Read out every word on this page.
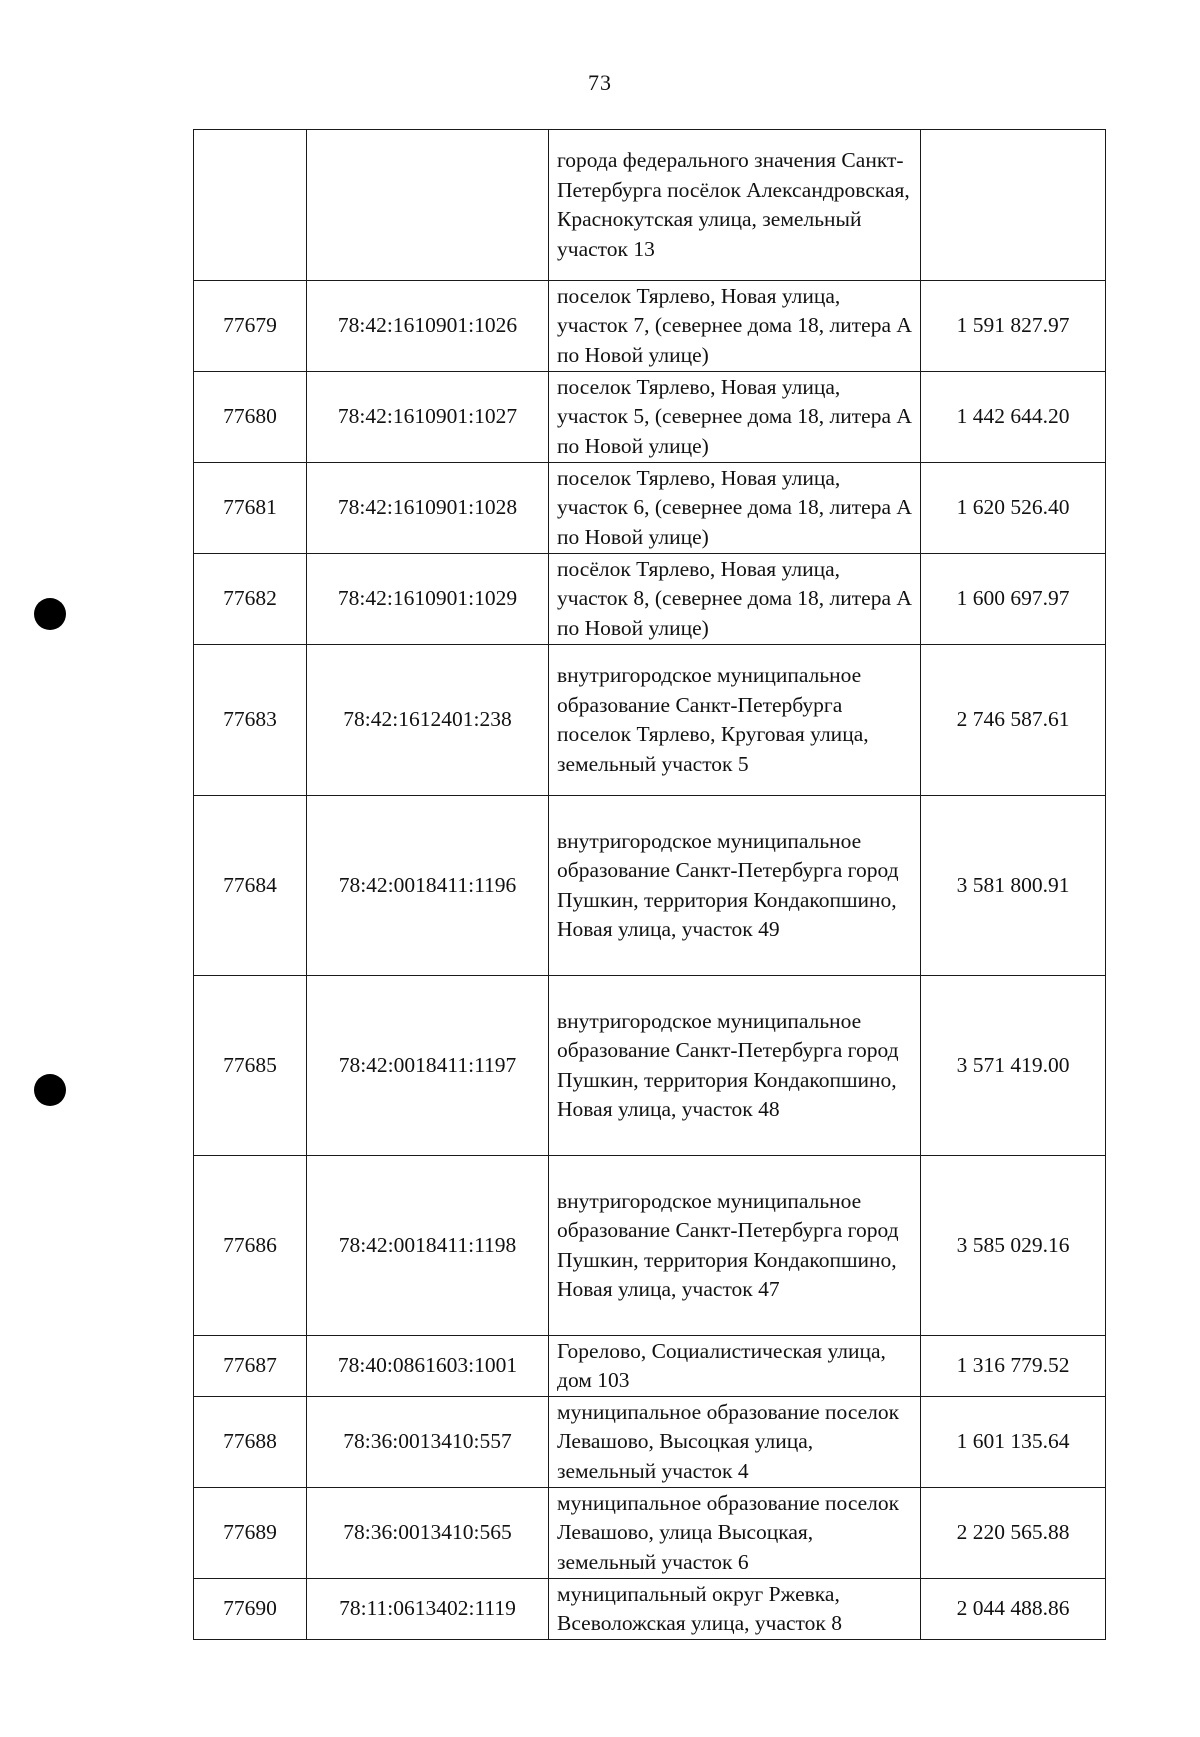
73
		города федерального значения Санкт-Петербурга посёлок Александровская, Краснокутская улица, земельный участок 13	
77679	78:42:1610901:1026	поселок Тярлево, Новая улица, участок 7, (севернее дома 18, литера А по Новой улице)	1 591 827.97
77680	78:42:1610901:1027	поселок Тярлево, Новая улица, участок 5, (севернее дома 18, литера А по Новой улице)	1 442 644.20
77681	78:42:1610901:1028	поселок Тярлево, Новая улица, участок 6, (севернее дома 18, литера А по Новой улице)	1 620 526.40
77682	78:42:1610901:1029	посёлок Тярлево, Новая улица, участок 8, (севернее дома 18, литера А по Новой улице)	1 600 697.97
77683	78:42:1612401:238	внутригородское муниципальное образование Санкт-Петербурга поселок Тярлево, Круговая улица, земельный участок 5	2 746 587.61
77684	78:42:0018411:1196	внутригородское муниципальное образование Санкт-Петербурга город Пушкин, территория Кондакопшино, Новая улица, участок 49	3 581 800.91
77685	78:42:0018411:1197	внутригородское муниципальное образование Санкт-Петербурга город Пушкин, территория Кондакопшино, Новая улица, участок 48	3 571 419.00
77686	78:42:0018411:1198	внутригородское муниципальное образование Санкт-Петербурга город Пушкин, территория Кондакопшино, Новая улица, участок 47	3 585 029.16
77687	78:40:0861603:1001	Горелово, Социалистическая улица, дом 103	1 316 779.52
77688	78:36:0013410:557	муниципальное образование поселок Левашово, Высоцкая улица, земельный участок 4	1 601 135.64
77689	78:36:0013410:565	муниципальное образование поселок Левашово, улица Высоцкая, земельный участок 6	2 220 565.88
77690	78:11:0613402:1119	муниципальный округ Ржевка, Всеволожская улица, участок 8	2 044 488.86
